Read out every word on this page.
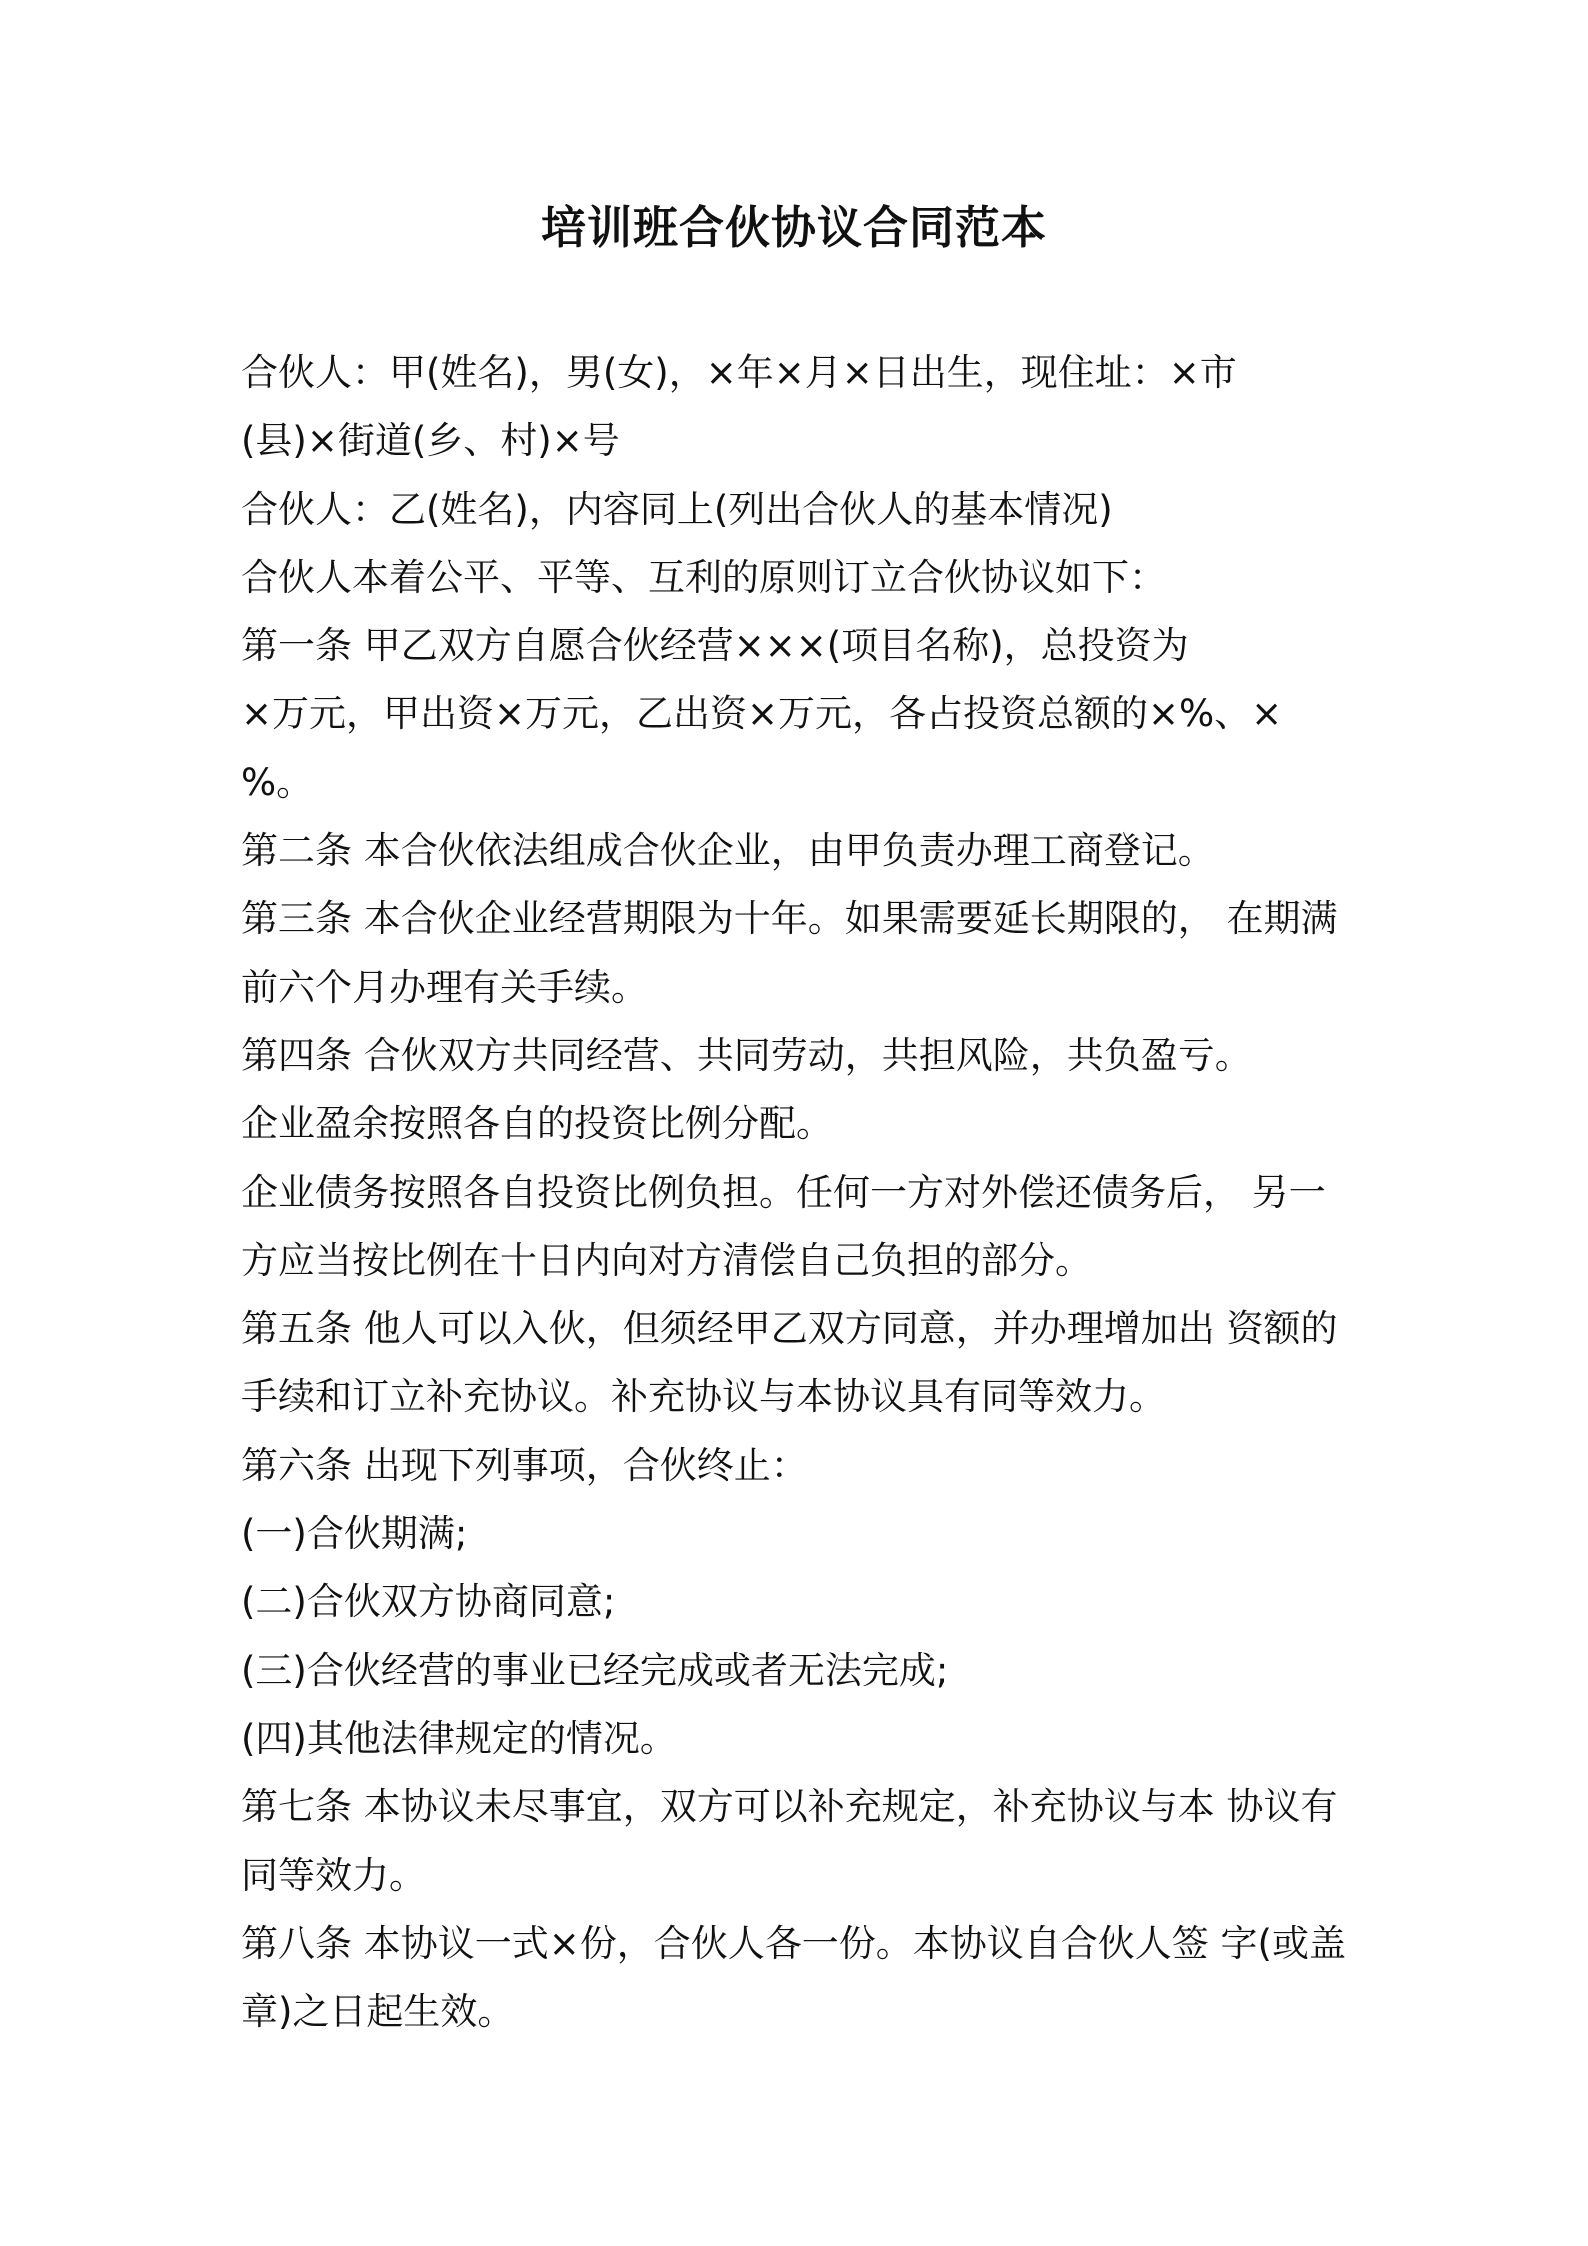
培训班合伙协议合同范本
合伙人：甲(姓名)，男(女)，×年×月×日出生，现住址：×市
(县)×街道(乡、村)×号
合伙人：乙(姓名)，内容同上(列出合伙人的基本情况)
合伙人本着公平、平等、互利的原则订立合伙协议如下：
第一条 甲乙双方自愿合伙经营×××(项目名称)，总投资为
×万元，甲出资×万元，乙出资×万元，各占投资总额的×%、×
%。
第二条 本合伙依法组成合伙企业，由甲负责办理工商登记。
第三条 本合伙企业经营期限为十年。如果需要延长期限的， 在期满
前六个月办理有关手续。
第四条 合伙双方共同经营、共同劳动，共担风险，共负盈亏。
企业盈余按照各自的投资比例分配。
企业债务按照各自投资比例负担。任何一方对外偿还债务后， 另一
方应当按比例在十日内向对方清偿自己负担的部分。
第五条 他人可以入伙，但须经甲乙双方同意，并办理增加出 资额的
手续和订立补充协议。补充协议与本协议具有同等效力。
第六条 出现下列事项，合伙终止：
(一)合伙期满;
(二)合伙双方协商同意;
(三)合伙经营的事业已经完成或者无法完成;
(四)其他法律规定的情况。
第七条 本协议未尽事宜，双方可以补充规定，补充协议与本 协议有
同等效力。
第八条 本协议一式×份，合伙人各一份。本协议自合伙人签 字(或盖
章)之日起生效。
